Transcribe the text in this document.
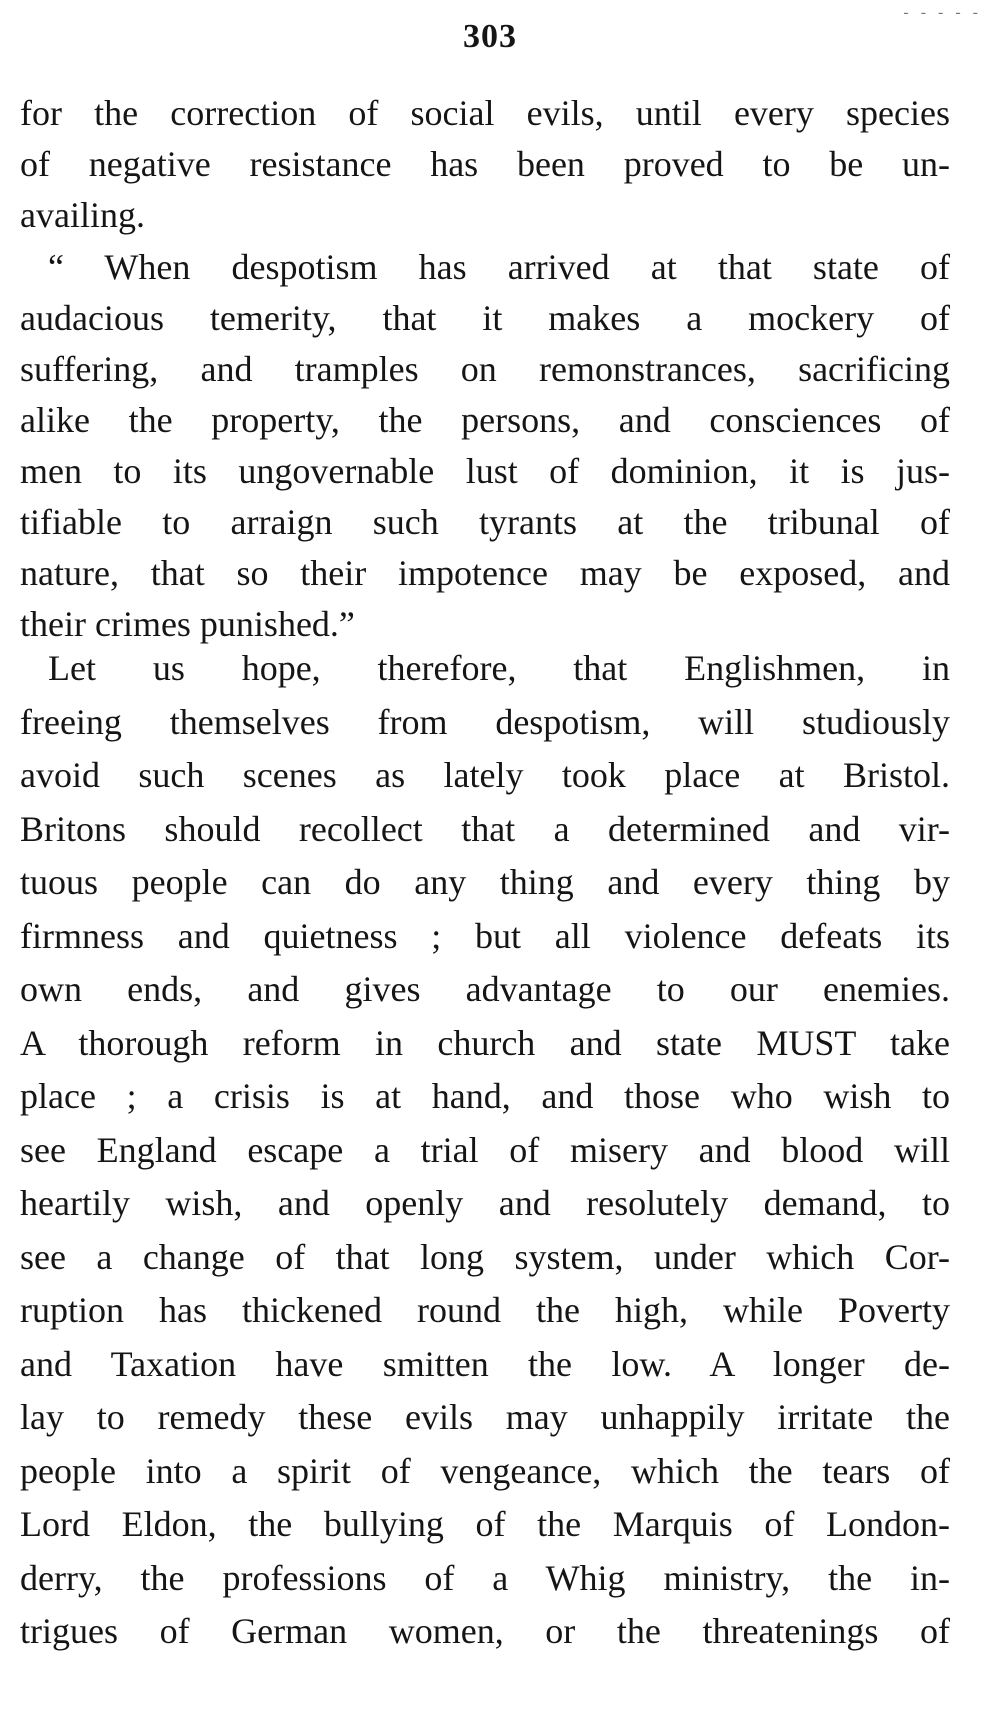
- - - - -
303
for the correction of social evils, until every species
of negative resistance has been proved to be un-
availing.
“ When despotism has arrived at that state of
audacious temerity, that it makes a mockery of
suffering, and tramples on remonstrances, sacrificing
alike the property, the persons, and consciences of
men to its ungovernable lust of dominion, it is jus-
tifiable to arraign such tyrants at the tribunal of
nature, that so their impotence may be exposed, and
their crimes punished.”
Let us hope, therefore, that Englishmen, in
freeing themselves from despotism, will studiously
avoid such scenes as lately took place at Bristol.
Britons should recollect that a determined and vir-
tuous people can do any thing and every thing by
firmness and quietness ; but all violence defeats its
own ends, and gives advantage to our enemies.
A thorough reform in church and state MUST take
place ; a crisis is at hand, and those who wish to
see England escape a trial of misery and blood will
heartily wish, and openly and resolutely demand, to
see a change of that long system, under which Cor-
ruption has thickened round the high, while Poverty
and Taxation have smitten the low. A longer de-
lay to remedy these evils may unhappily irritate the
people into a spirit of vengeance, which the tears of
Lord Eldon, the bullying of the Marquis of London-
derry, the professions of a Whig ministry, the in-
trigues of German women, or the threatenings of
